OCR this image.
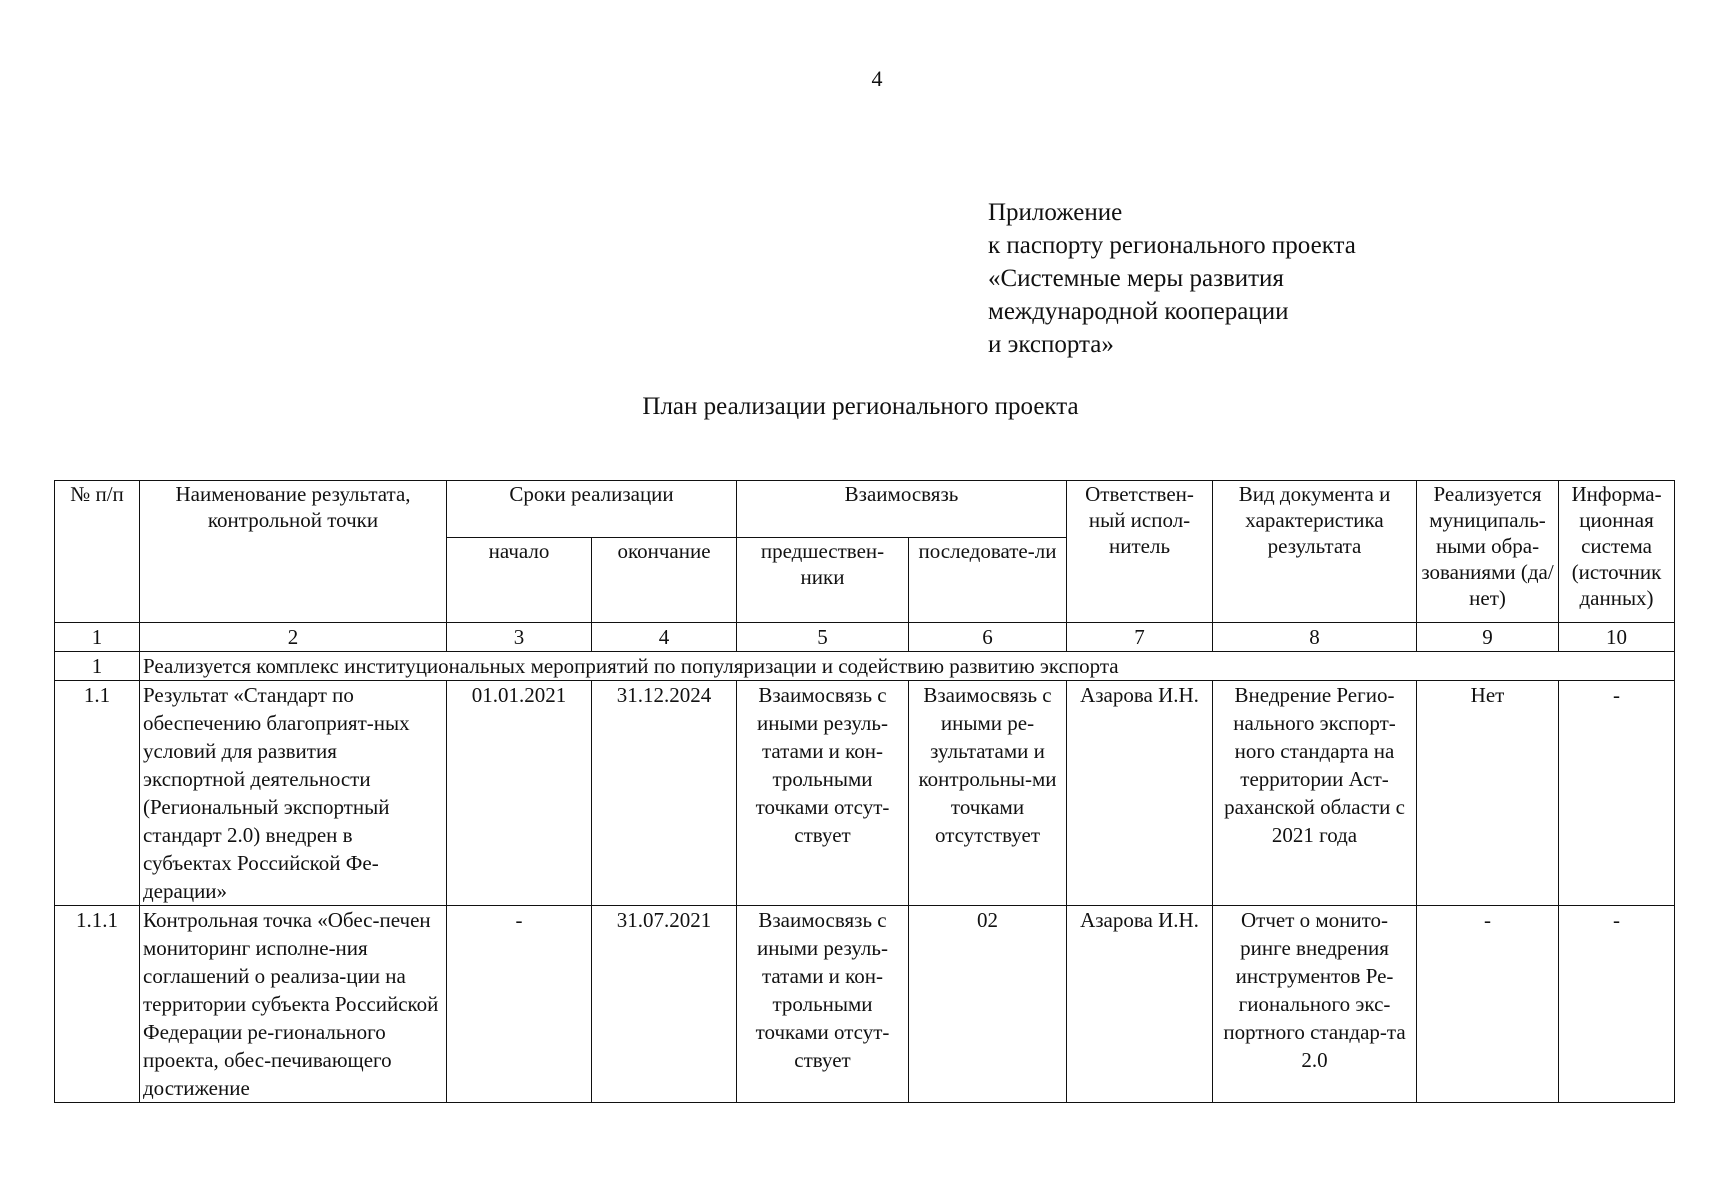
4
Приложение
к паспорту регионального проекта
«Системные меры развития
международной кооперации
и экспорта»
План реализации регионального проекта
№ п/п	Наименование результата, контрольной точки	Сроки реализации		Взаимосвязь		Ответствен-ный испол-нитель	Вид документа и характеристика результата	Реализуется муниципаль-ными обра-зованиями (да/нет)	Информа-ционная система (источник данных)
		начало	окончание	предшествен-ники	последовате-ли				
1	2	3	4	5	6	7	8	9	10
1	Реализуется комплекс институциональных мероприятий по популяризации и содействию развитию экспорта								
1.1	Результат «Стандарт по обеспечению благоприят-ных условий для развития экспортной деятельности (Региональный экспортный стандарт 2.0) внедрен в субъектах Российской Фе-дерации»	01.01.2021	31.12.2024	Взаимосвязь с иными резуль-татами и кон-трольными точками отсут-ствует	Взаимосвязь с иными ре-зультатами и контрольны-ми точками отсутствует	Азарова И.Н.	Внедрение Регио-нального экспорт-ного стандарта на территории Аст-раханской области с 2021 года	Нет	-
1.1.1	Контрольная точка «Обес-печен мониторинг исполне-ния соглашений о реализа-ции на территории субъекта Российской Федерации ре-гионального проекта, обес-печивающего достижение	-	31.07.2021	Взаимосвязь с иными резуль-татами и кон-трольными точками отсут-ствует	02	Азарова И.Н.	Отчет о монито-ринге внедрения инструментов Ре-гионального экс-портного стандар-та 2.0	-	-
